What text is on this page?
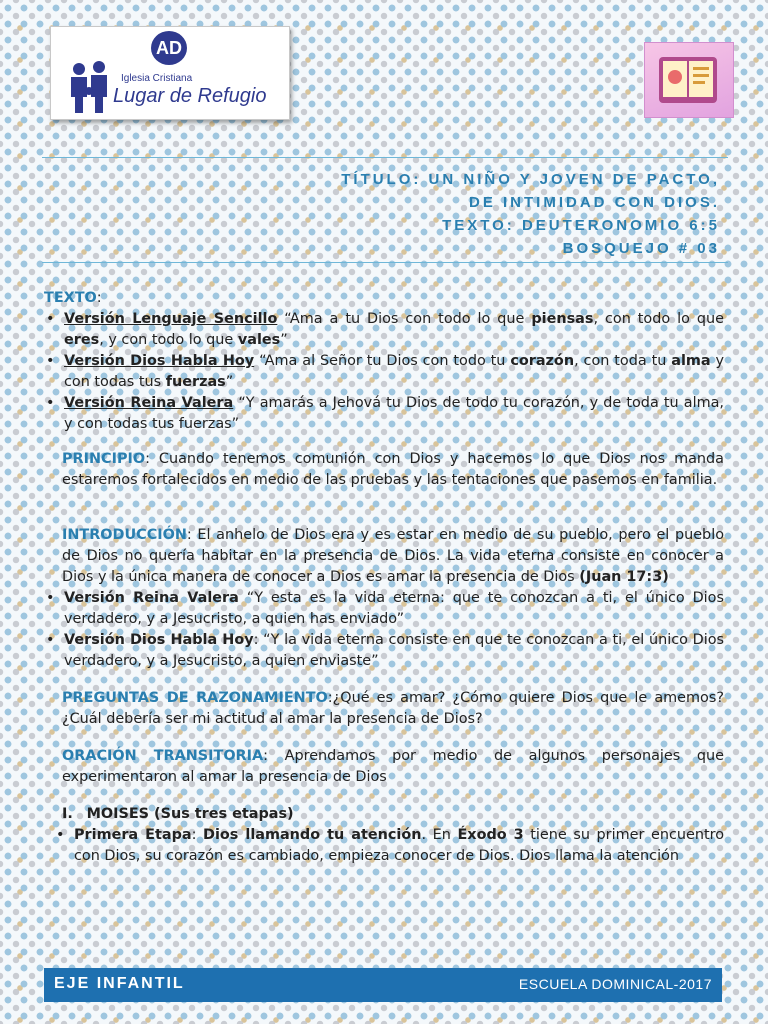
AD
Iglesia Cristiana
Lugar de Refugio
TÍTULO: UN NIÑO Y JOVEN DE PACTO,
DE INTIMIDAD CON DIOS.
TEXTO: DEUTERONOMIO 6:5
BOSQUEJO # 03

TEXTO:

• Versión Lenguaje Sencillo “Ama a tu Dios con todo lo que piensas, con todo lo que eres, y con todo lo que vales”

• Versión Dios Habla Hoy “Ama al Señor tu Dios con todo tu corazón, con toda tu alma y con todas tus fuerzas”

• Versión Reina Valera “Y amarás a Jehová tu Dios de todo tu corazón, y de toda tu alma, y con todas tus fuerzas”

PRINCIPIO: Cuando tenemos comunión con Dios y hacemos lo que Dios nos manda estaremos fortalecidos en medio de las pruebas y las tentaciones que pasemos en familia.

INTRODUCCIÓN: El anhelo de Dios era y es estar en medio de su pueblo, pero el pueblo de Dios no quería habitar en la presencia de Dios. La vida eterna consiste en conocer a Dios y la única manera de conocer a Dios es amar la presencia de Dios (Juan 17:3)

• Versión Reina Valera “Y esta es la vida eterna: que te conozcan a ti, el único Dios verdadero, y a Jesucristo, a quien has enviado”

• Versión Dios Habla Hoy: “Y la vida eterna consiste en que te conozcan a ti, el único Dios verdadero, y a Jesucristo, a quien enviaste”

PREGUNTAS DE RAZONAMIENTO:¿Qué es amar? ¿Cómo quiere Dios que le amemos? ¿Cuál debería ser mi actitud al amar la presencia de Dios?

ORACIÓN TRANSITORIA: Aprendamos por medio de algunos personajes que experimentaron al amar la presencia de Dios

I. MOISES (Sus tres etapas)

• Primera Etapa: Dios llamando tu atención. En Éxodo 3 tiene su primer encuentro con Dios, su corazón es cambiado, empieza conocer de Dios. Dios llama la atención

EJE INFANTIL	ESCUELA DOMINICAL-2017
